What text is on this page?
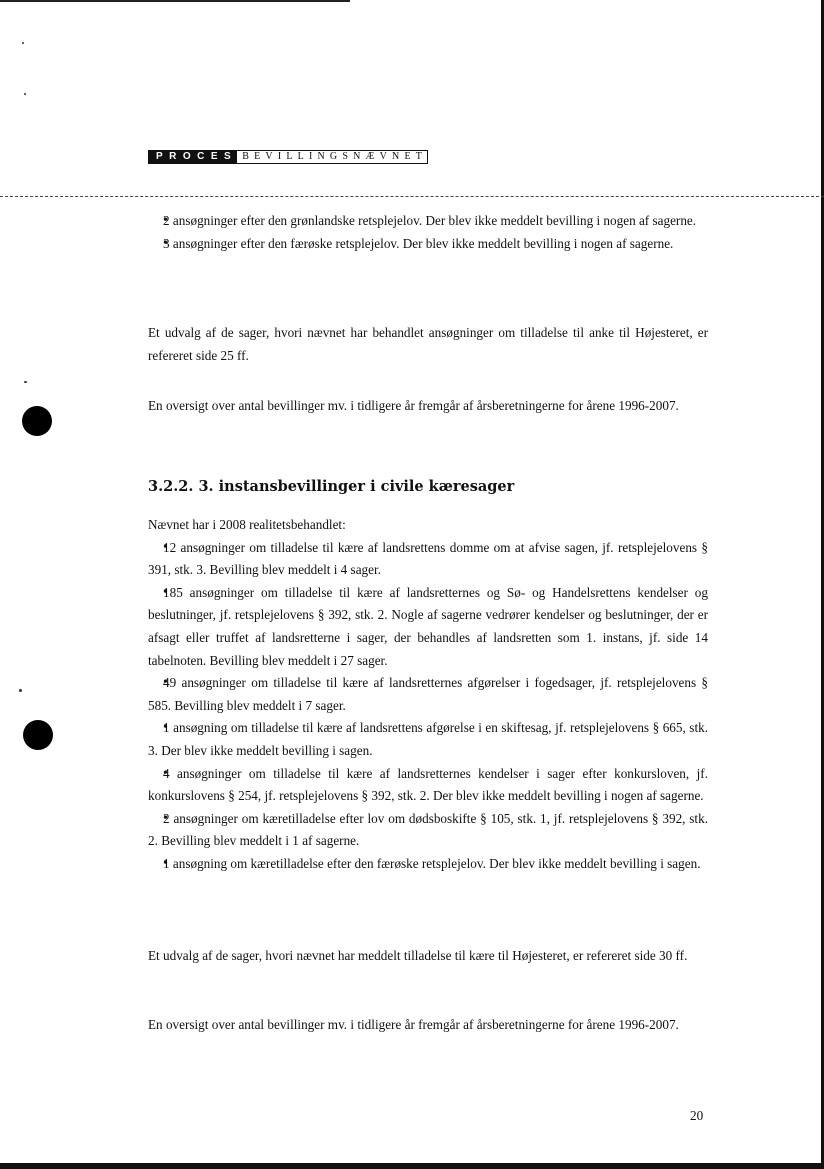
PROCES BEVILLINGSNÆVNET

• 2 ansøgninger efter den grønlandske retsplejelov. Der blev ikke meddelt bevilling i nogen af sagerne.

• 3 ansøgninger efter den færøske retsplejelov. Der blev ikke meddelt bevilling i nogen af sagerne.

Et udvalg af de sager, hvori nævnet har behandlet ansøgninger om tilladelse til anke til Højesteret, er refereret side 25 ff.

En oversigt over antal bevillinger mv. i tidligere år fremgår af årsberetningerne for årene 1996-2007.

3.2.2. 3. instansbevillinger i civile kæresager

Nævnet har i 2008 realitetsbehandlet:

• 12 ansøgninger om tilladelse til kære af landsrettens domme om at afvise sagen, jf. retsplejelovens § 391, stk. 3. Bevilling blev meddelt i 4 sager.

• 185 ansøgninger om tilladelse til kære af landsretternes og Sø- og Handelsrettens kendelser og beslutninger, jf. retsplejelovens § 392, stk. 2. Nogle af sagerne vedrører kendelser og beslutninger, der er afsagt eller truffet af landsretterne i sager, der behandles af landsretten som 1. instans, jf. side 14 tabelnoten. Bevilling blev meddelt i 27 sager.

• 49 ansøgninger om tilladelse til kære af landsretternes afgørelser i fogedsager, jf. retsplejelovens § 585. Bevilling blev meddelt i 7 sager.

• 1 ansøgning om tilladelse til kære af landsrettens afgørelse i en skiftesag, jf. retsplejelovens § 665, stk. 3. Der blev ikke meddelt bevilling i sagen.

• 4 ansøgninger om tilladelse til kære af landsretternes kendelser i sager efter konkursloven, jf. konkurslovens § 254, jf. retsplejelovens § 392, stk. 2. Der blev ikke meddelt bevilling i nogen af sagerne.

• 2 ansøgninger om kæretilladelse efter lov om dødsboskifte § 105, stk. 1, jf. retsplejelovens § 392, stk. 2. Bevilling blev meddelt i 1 af sagerne.

• 1 ansøgning om kæretilladelse efter den færøske retsplejelov. Der blev ikke meddelt bevilling i sagen.

Et udvalg af de sager, hvori nævnet har meddelt tilladelse til kære til Højesteret, er refereret side 30 ff.

En oversigt over antal bevillinger mv. i tidligere år fremgår af årsberetningerne for årene 1996-2007.

20
